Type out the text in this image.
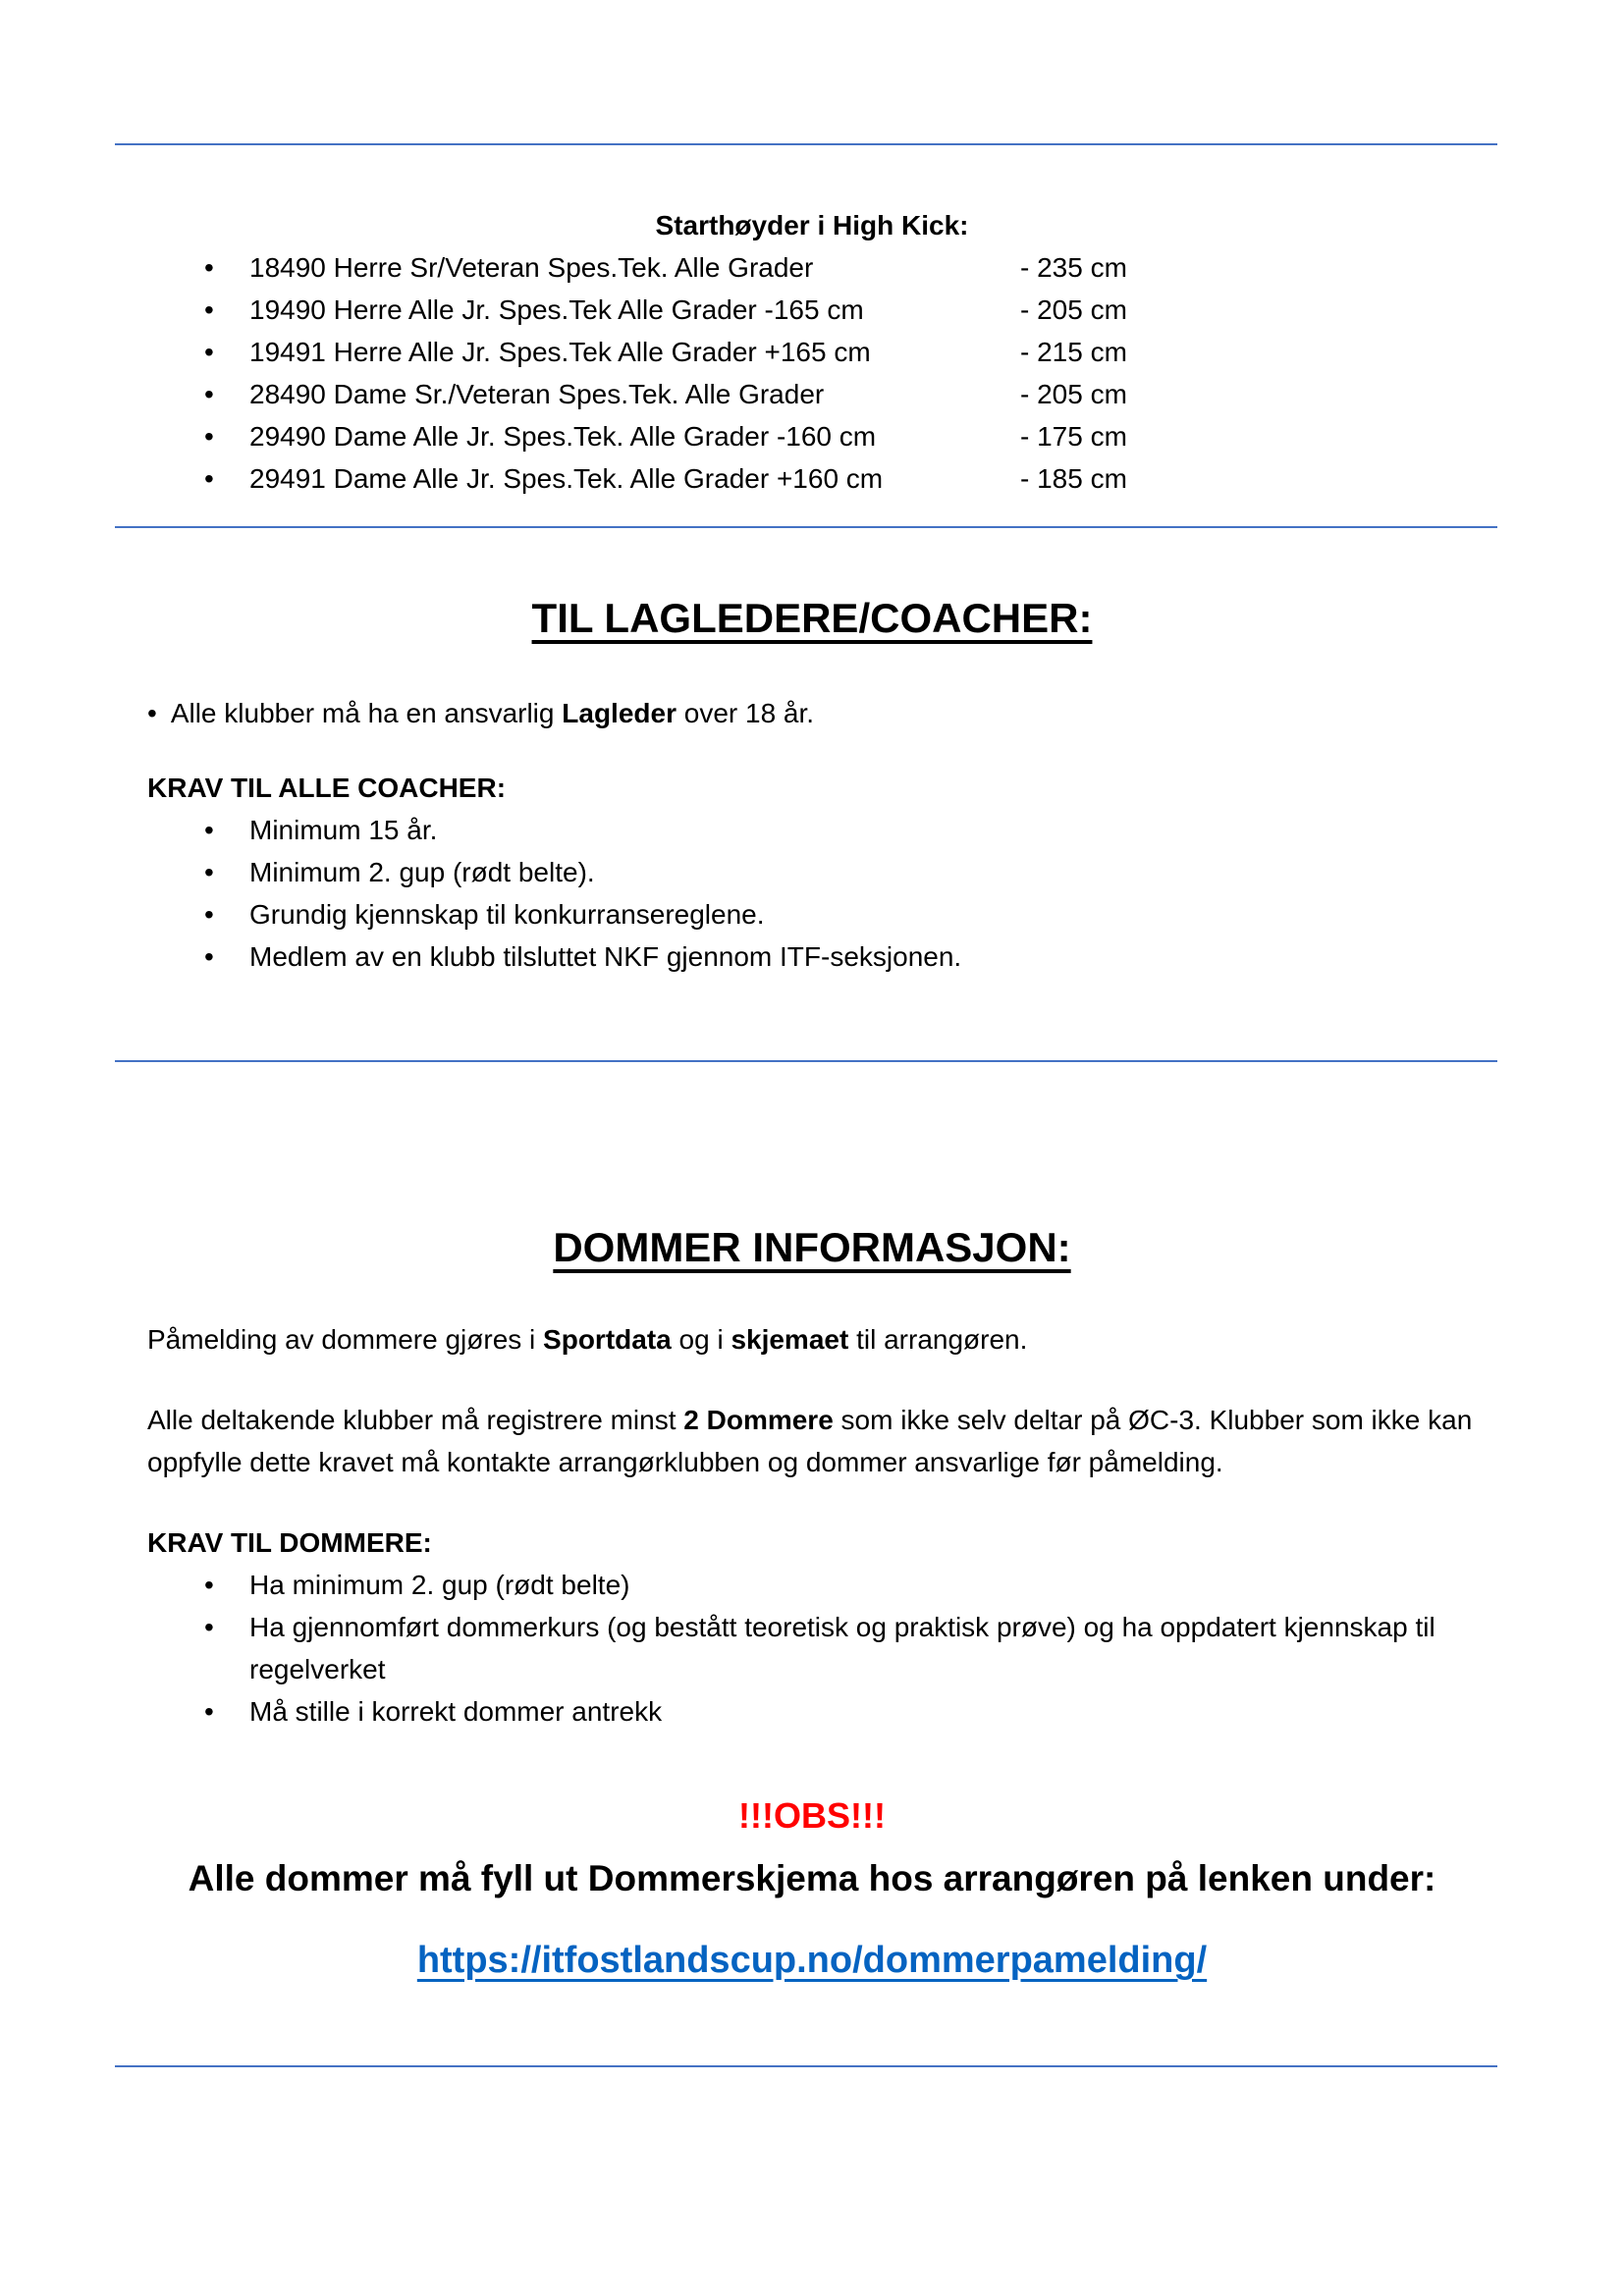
Starthøyder i High Kick:

•	18490 Herre Sr/Veteran Spes.Tek. Alle Grader	- 235 cm
•	19490 Herre Alle Jr. Spes.Tek Alle Grader -165 cm	- 205 cm
•	19491 Herre Alle Jr. Spes.Tek Alle Grader +165 cm	- 215 cm
•	28490 Dame Sr./Veteran Spes.Tek. Alle Grader	- 205 cm
•	29490 Dame Alle Jr. Spes.Tek. Alle Grader -160 cm	- 175 cm
•	29491 Dame Alle Jr. Spes.Tek. Alle Grader +160 cm	- 185 cm
TIL LAGLEDERE/COACHER:

• Alle klubber må ha en ansvarlig Lagleder over 18 år.

KRAV TIL ALLE COACHER:

•	Minimum 15 år.
•	Minimum 2. gup (rødt belte).
•	Grundig kjennskap til konkurransereglene.
•	Medlem av en klubb tilsluttet NKF gjennom ITF-seksjonen.
DOMMER INFORMASJON:

Påmelding av dommere gjøres i Sportdata og i skjemaet til arrangøren.

Alle deltakende klubber må registrere minst 2 Dommere som ikke selv deltar på ØC-3. Klubber som ikke kan oppfylle dette kravet må kontakte arrangørklubben og dommer ansvarlige før påmelding.

KRAV TIL DOMMERE:

•	Ha minimum 2. gup (rødt belte)
•	Ha gjennomført dommerkurs (og bestått teoretisk og praktisk prøve) og ha oppdatert kjennskap til regelverket
•	Må stille i korrekt dommer antrekk

!!!OBS!!!

Alle dommer må fyll ut Dommerskjema hos arrangøren på lenken under:

https://itfostlandscup.no/dommerpamelding/
